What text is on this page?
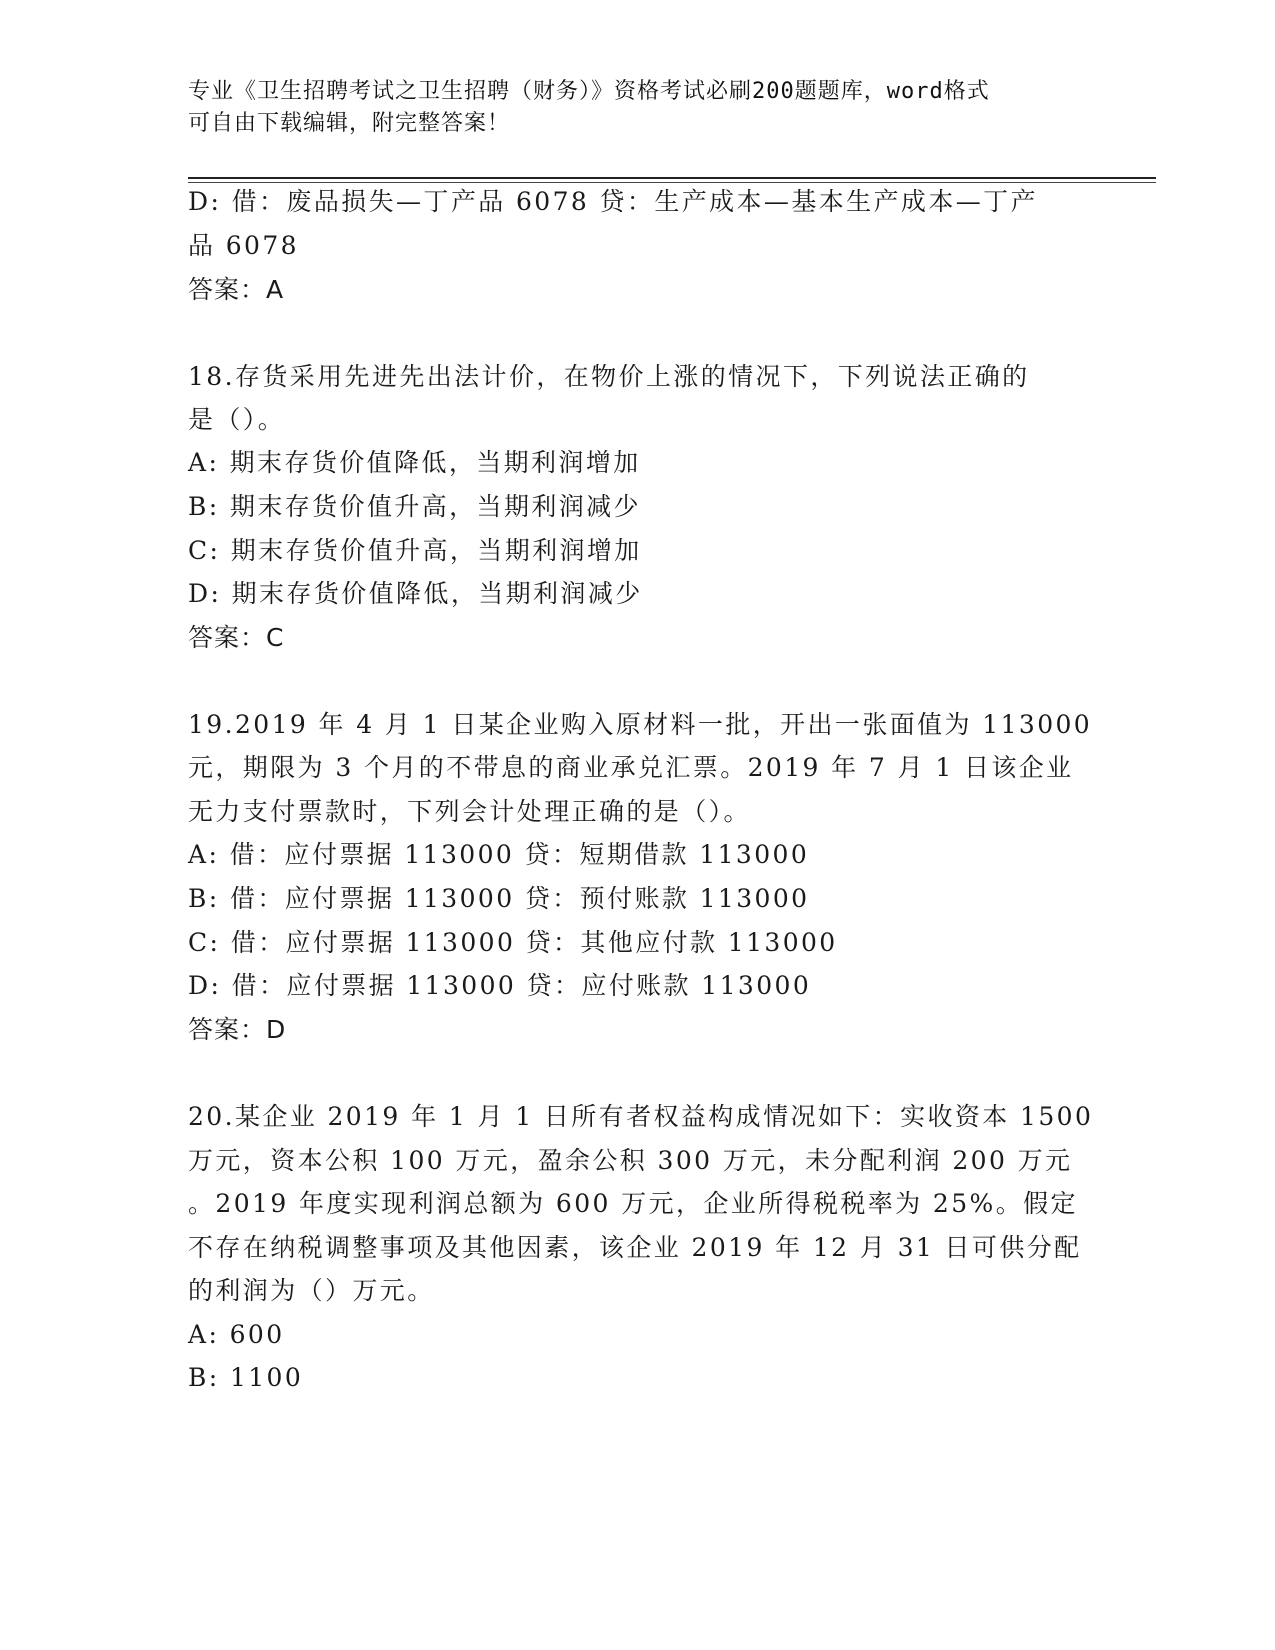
专业《卫生招聘考试之卫生招聘（财务）》资格考试必刷200题题库，word格式
可自由下载编辑，附完整答案！
D: 借：废品损失—丁产品 6078 贷：生产成本—基本生产成本—丁产
品 6078
答案：A
18.存货采用先进先出法计价，在物价上涨的情况下，下列说法正确的
是（）。
A: 期末存货价值降低，当期利润增加
B: 期末存货价值升高，当期利润减少
C: 期末存货价值升高，当期利润增加
D: 期末存货价值降低，当期利润减少
答案：C
19.2019 年 4 月 1 日某企业购入原材料一批，开出一张面值为 113000
元，期限为 3 个月的不带息的商业承兑汇票。2019 年 7 月 1 日该企业
无力支付票款时，下列会计处理正确的是（）。
A: 借：应付票据 113000 贷：短期借款 113000
B: 借：应付票据 113000 贷：预付账款 113000
C: 借：应付票据 113000 贷：其他应付款 113000
D: 借：应付票据 113000 贷：应付账款 113000
答案：D
20.某企业 2019 年 1 月 1 日所有者权益构成情况如下：实收资本 1500
万元，资本公积 100 万元，盈余公积 300 万元，未分配利润 200 万元
。2019 年度实现利润总额为 600 万元，企业所得税税率为 25%。假定
不存在纳税调整事项及其他因素，该企业 2019 年 12 月 31 日可供分配
的利润为（）万元。
A: 600
B: 1100
